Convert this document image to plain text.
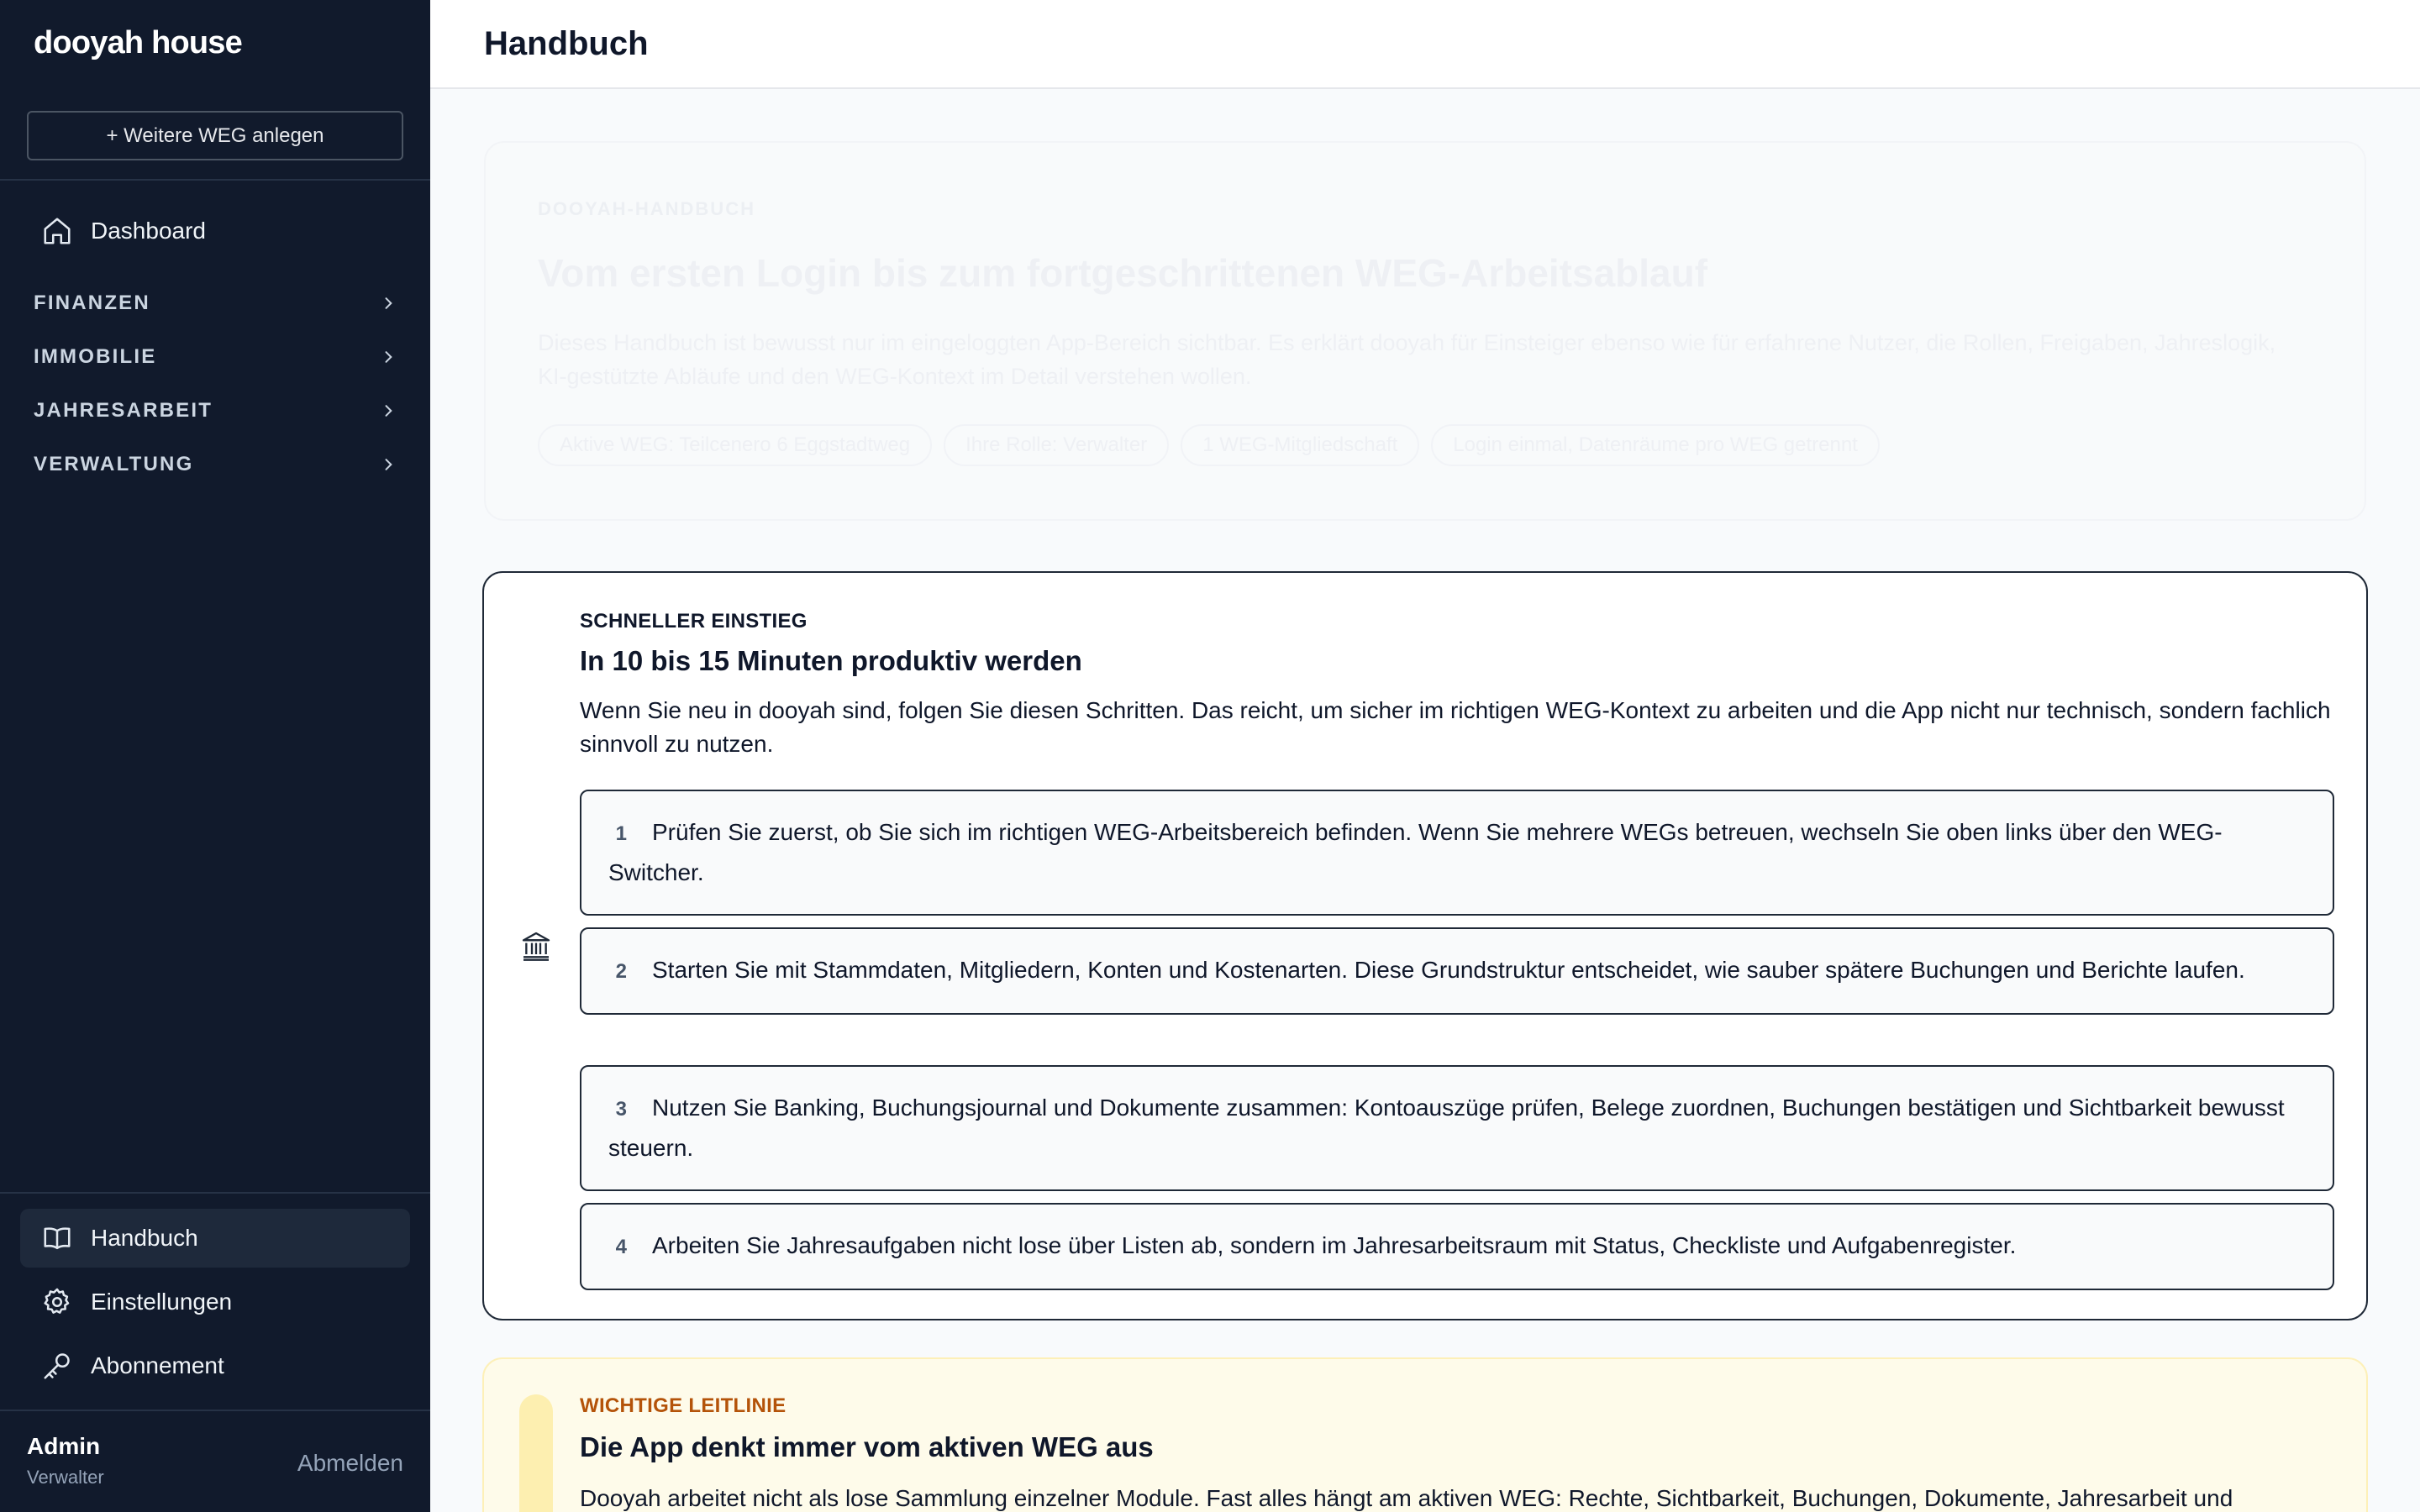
dooyah house
+ Weitere WEG anlegen
Dashboard
FINANZEN
IMMOBILIE
JAHRESARBEIT
VERWALTUNG
Handbuch
Einstellungen
Abonnement
Admin
Verwalter
Abmelden
Handbuch
DOOYAH-HANDBUCH
Vom ersten Login bis zum fortgeschrittenen WEG-Arbeitsablauf
Dieses Handbuch ist bewusst nur im eingeloggten App-Bereich sichtbar. Es erklärt dooyah für Einsteiger ebenso wie für erfahrene Nutzer, die Rollen, Freigaben, Jahreslogik, KI-gestützte Abläufe und den WEG-Kontext im Detail verstehen wollen.
Aktive WEG: Teilcenero 6 Eggstadtweg	Ihre Rolle: Verwalter	1 WEG-Mitgliedschaft	Login einmal, Datenräume pro WEG getrennt
SCHNELLER EINSTIEG
In 10 bis 15 Minuten produktiv werden
Wenn Sie neu in dooyah sind, folgen Sie diesen Schritten. Das reicht, um sicher im richtigen WEG-Kontext zu arbeiten und die App nicht nur technisch, sondern fachlich sinnvoll zu nutzen.
1 Prüfen Sie zuerst, ob Sie sich im richtigen WEG-Arbeitsbereich befinden. Wenn Sie mehrere WEGs betreuen, wechseln Sie oben links über den WEG-Switcher.
2 Starten Sie mit Stammdaten, Mitgliedern, Konten und Kostenarten. Diese Grundstruktur entscheidet, wie sauber spätere Buchungen und Berichte laufen.
3 Nutzen Sie Banking, Buchungsjournal und Dokumente zusammen: Kontoauszüge prüfen, Belege zuordnen, Buchungen bestätigen und Sichtbarkeit bewusst steuern.
4 Arbeiten Sie Jahresaufgaben nicht lose über Listen ab, sondern im Jahresarbeitsraum mit Status, Checkliste und Aufgabenregister.
WICHTIGE LEITLINIE
Die App denkt immer vom aktiven WEG aus
Dooyah arbeitet nicht als lose Sammlung einzelner Module. Fast alles hängt am aktiven WEG: Rechte, Sichtbarkeit, Buchungen, Dokumente, Jahresarbeit und
